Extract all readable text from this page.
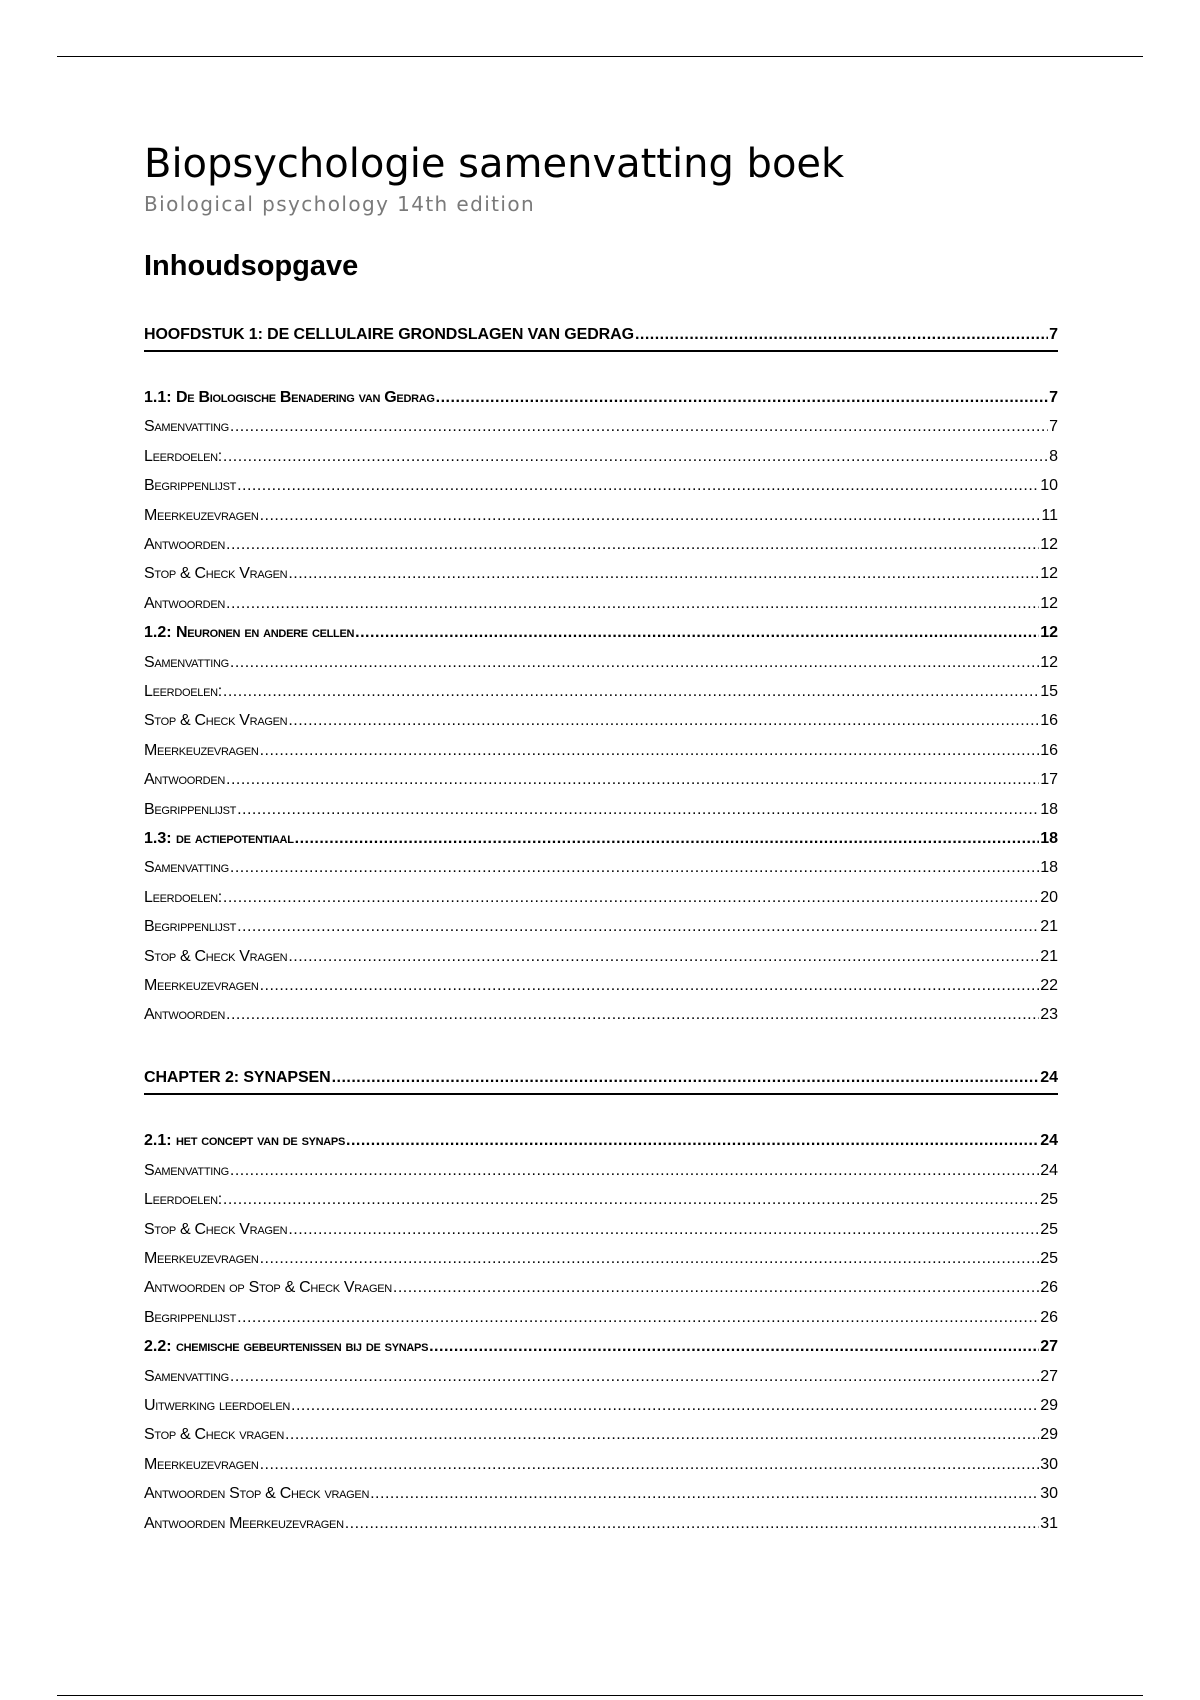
Biopsychologie samenvatting boek
Biological psychology 14th edition
Inhoudsopgave
HOOFDSTUK 1: DE CELLULAIRE GRONDSLAGEN VAN GEDRAG .....	7
1.1: De Biologische Benadering van Gedrag .....	7
Samenvatting .....	7
Leerdoelen: .....	8
Begrippenlijst .....	10
Meerkeuzevragen .....	11
Antwoorden .....	12
Stop & Check Vragen .....	12
Antwoorden .....	12
1.2: Neuronen en andere cellen .....	12
Samenvatting .....	12
Leerdoelen: .....	15
Stop & Check Vragen .....	16
Meerkeuzevragen .....	16
Antwoorden .....	17
Begrippenlijst .....	18
1.3: de actiepotentiaal .....	18
Samenvatting .....	18
Leerdoelen: .....	20
Begrippenlijst .....	21
Stop & Check Vragen .....	21
Meerkeuzevragen .....	22
Antwoorden .....	23
CHAPTER 2: SYNAPSEN .....	24
2.1: het concept van de synaps .....	24
Samenvatting .....	24
Leerdoelen: .....	25
Stop & Check Vragen .....	25
Meerkeuzevragen .....	25
Antwoorden op Stop & Check Vragen .....	26
Begrippenlijst .....	26
2.2: chemische gebeurtenissen bij de synaps .....	27
Samenvatting .....	27
Uitwerking leerdoelen .....	29
Stop & Check vragen .....	29
Meerkeuzevragen .....	30
Antwoorden Stop & Check vragen .....	30
Antwoorden Meerkeuzevragen .....	31
